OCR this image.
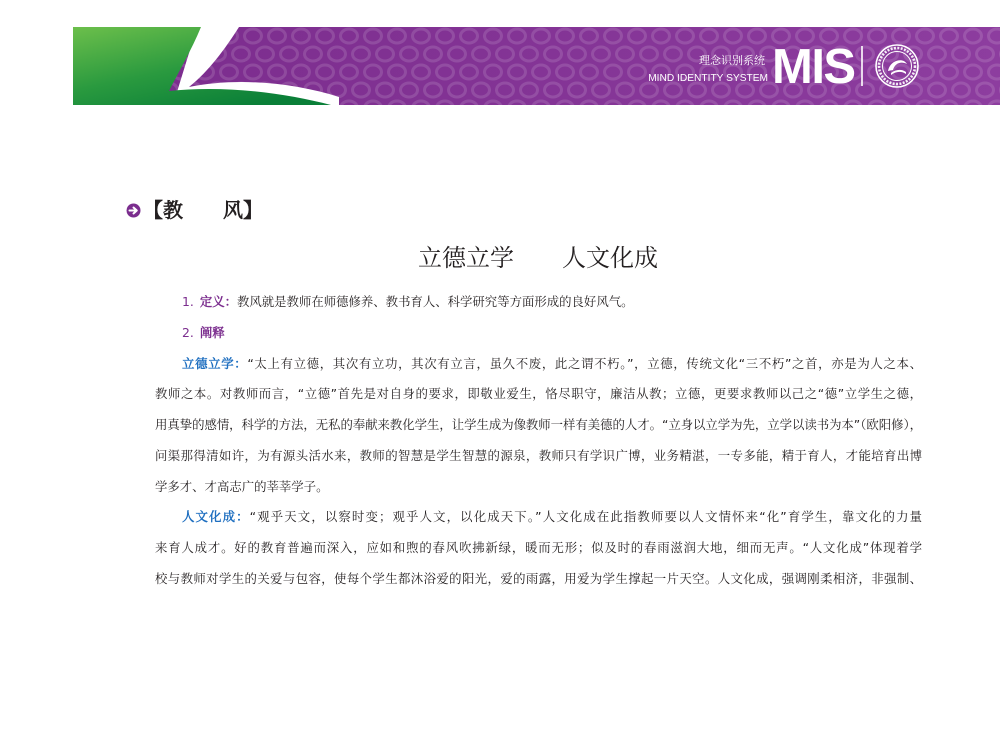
理念识别系统
MIND IDENTITY SYSTEM MIS
【教　　风】
立德立学　　人文化成
1. 定义：教风就是教师在师德修养、教书育人、科学研究等方面形成的良好风气。
2. 阐释
立德立学：“太上有立德，其次有立功，其次有立言，虽久不废，此之谓不朽。”，立德，传统文化“三不朽”之首，亦是为人之本、
教师之本。对教师而言，“立德”首先是对自身的要求，即敬业爱生，恪尽职守，廉洁从教；立德，更要求教师以己之“德”立学生之德，
用真挚的感情，科学的方法，无私的奉献来教化学生，让学生成为像教师一样有美德的人才。“立身以立学为先，立学以读书为本”（欧阳修），
问渠那得清如许，为有源头活水来，教师的智慧是学生智慧的源泉，教师只有学识广博，业务精湛，一专多能，精于育人，才能培育出博
学多才、才高志广的莘莘学子。
人文化成：“观乎天文，以察时变；观乎人文，以化成天下。”人文化成在此指教师要以人文情怀来“化”育学生，靠文化的力量
来育人成才。好的教育普遍而深入，应如和煦的春风吹拂新绿，暖而无形；似及时的春雨滋润大地，细而无声。“人文化成”体现着学
校与教师对学生的关爱与包容，使每个学生都沐浴爱的阳光，爱的雨露，用爱为学生撑起一片天空。人文化成，强调刚柔相济，非强制、
